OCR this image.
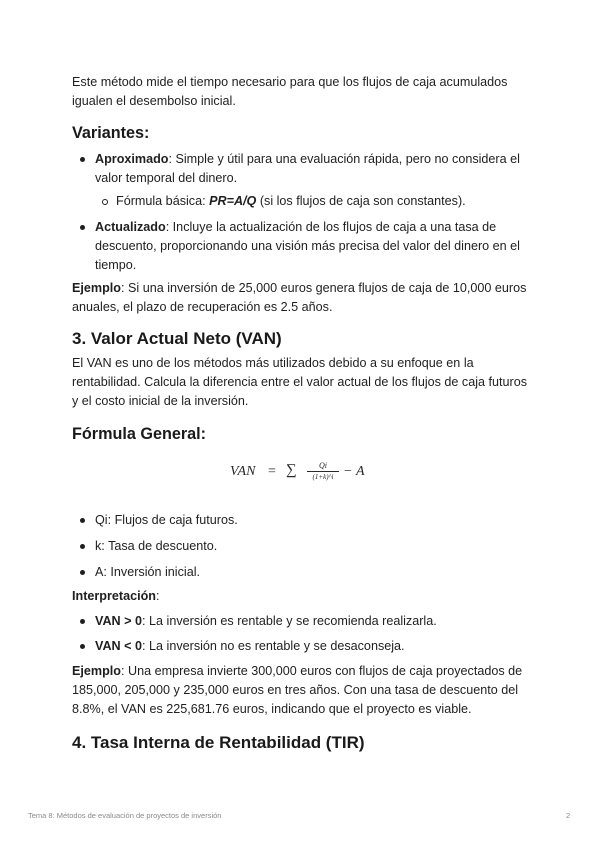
Este método mide el tiempo necesario para que los flujos de caja acumulados igualen el desembolso inicial.

Variantes:
Aproximado: Simple y útil para una evaluación rápida, pero no considera el valor temporal del dinero.
Fórmula básica: PR=A/Q (si los flujos de caja son constantes).
Actualizado: Incluye la actualización de los flujos de caja a una tasa de descuento, proporcionando una visión más precisa del valor del dinero en el tiempo.

Ejemplo: Si una inversión de 25,000 euros genera flujos de caja de 10,000 euros anuales, el plazo de recuperación es 2.5 años.

3. Valor Actual Neto (VAN)

El VAN es uno de los métodos más utilizados debido a su enfoque en la rentabilidad. Calcula la diferencia entre el valor actual de los flujos de caja futuros y el costo inicial de la inversión.

Fórmula General:
VAN = ∑	Qi
(1+k)^i − A
Qi: Flujos de caja futuros.
k: Tasa de descuento.
A: Inversión inicial.

Interpretación:

VAN > 0: La inversión es rentable y se recomienda realizarla.
VAN < 0: La inversión no es rentable y se desaconseja.

Ejemplo: Una empresa invierte 300,000 euros con flujos de caja proyectados de 185,000, 205,000 y 235,000 euros en tres años. Con una tasa de descuento del 8.8%, el VAN es 225,681.76 euros, indicando que el proyecto es viable.

4. Tasa Interna de Rentabilidad (TIR)
Tema 8: Métodos de evaluación de proyectos de inversión	2
